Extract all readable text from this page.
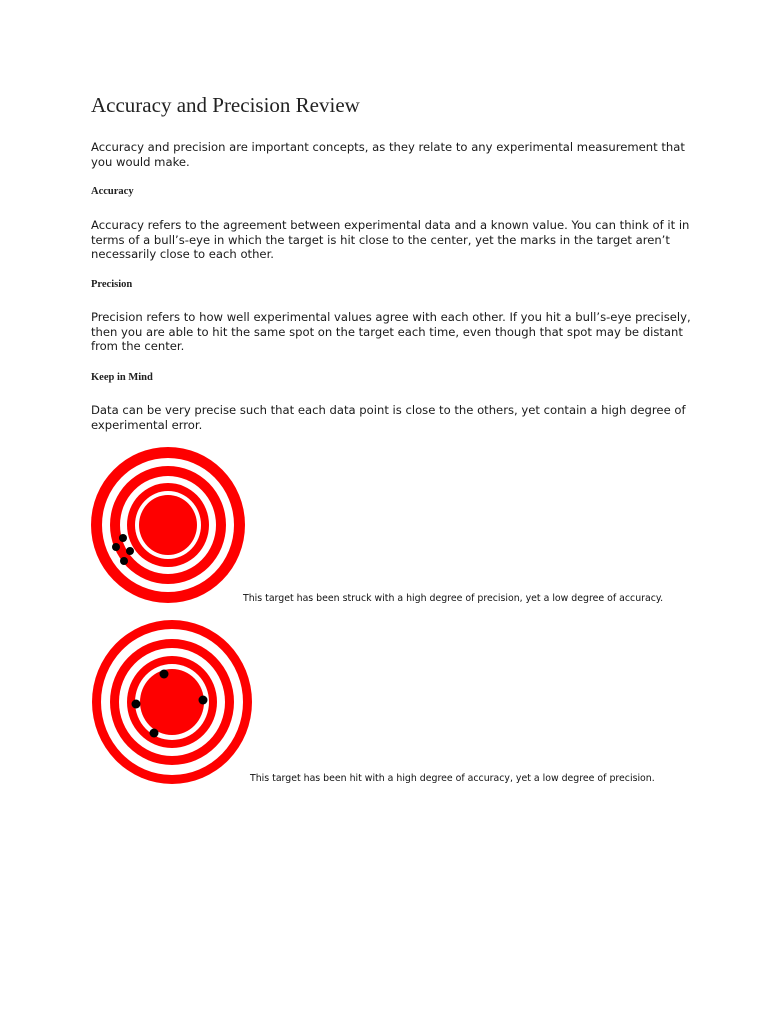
Accuracy and Precision Review

Accuracy and precision are important concepts, as they relate to any experimental measurement that you would make.

Accuracy

Accuracy refers to the agreement between experimental data and a known value. You can think of it in terms of a bull’s-eye in which the target is hit close to the center, yet the marks in the target aren’t necessarily close to each other.

Precision

Precision refers to how well experimental values agree with each other. If you hit a bull’s-eye precisely, then you are able to hit the same spot on the target each time, even though that spot may be distant from the center.

Keep in Mind

Data can be very precise such that each data point is close to the others, yet contain a high degree of experimental error.

This target has been struck with a high degree of precision, yet a low degree of accuracy.

This target has been hit with a high degree of accuracy, yet a low degree of precision.
